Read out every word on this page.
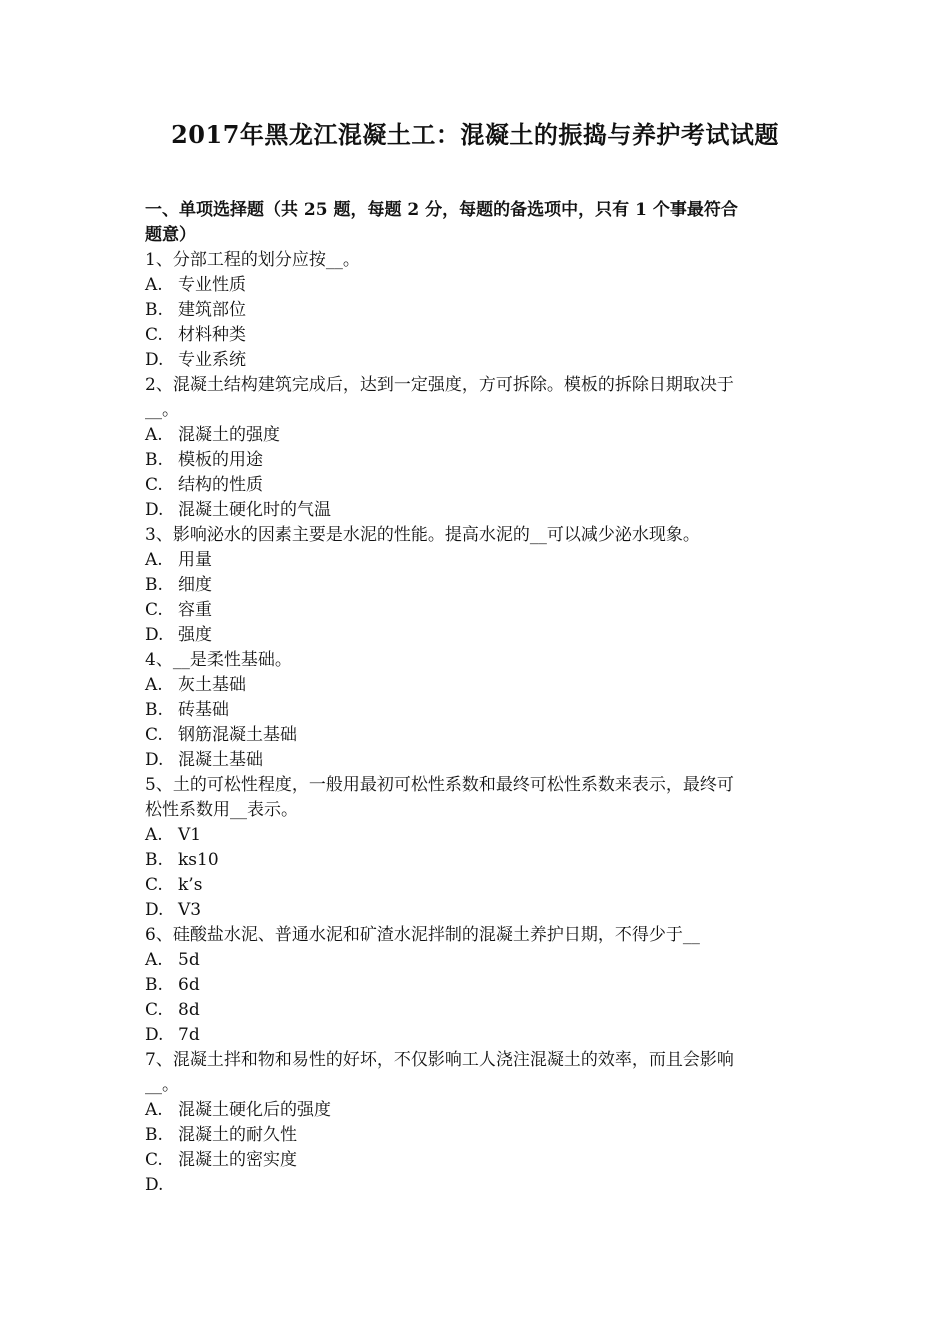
2017年黑龙江混凝土工：混凝土的振捣与养护考试试题
一、单项选择题（共 25 题，每题 2 分，每题的备选项中，只有 1 个事最符合
题意）
1、分部工程的划分应按__。
A. 专业性质
B. 建筑部位
C. 材料种类
D. 专业系统
2、混凝土结构建筑完成后，达到一定强度，方可拆除。模板的拆除日期取决于
__。
A. 混凝土的强度
B. 模板的用途
C. 结构的性质
D. 混凝土硬化时的气温
3、影响泌水的因素主要是水泥的性能。提高水泥的__可以减少泌水现象。
A. 用量
B. 细度
C. 容重
D. 强度
4、__是柔性基础。
A. 灰土基础
B. 砖基础
C. 钢筋混凝土基础
D. 混凝土基础
5、土的可松性程度，一般用最初可松性系数和最终可松性系数来表示，最终可
松性系数用__表示。
A. V1
B. ks10
C. k’s
D. V3
6、硅酸盐水泥、普通水泥和矿渣水泥拌制的混凝土养护日期，不得少于__
A. 5d
B. 6d
C. 8d
D. 7d
7、混凝土拌和物和易性的好坏，不仅影响工人浇注混凝土的效率，而且会影响
__。
A. 混凝土硬化后的强度
B. 混凝土的耐久性
C. 混凝土的密实度
D.
